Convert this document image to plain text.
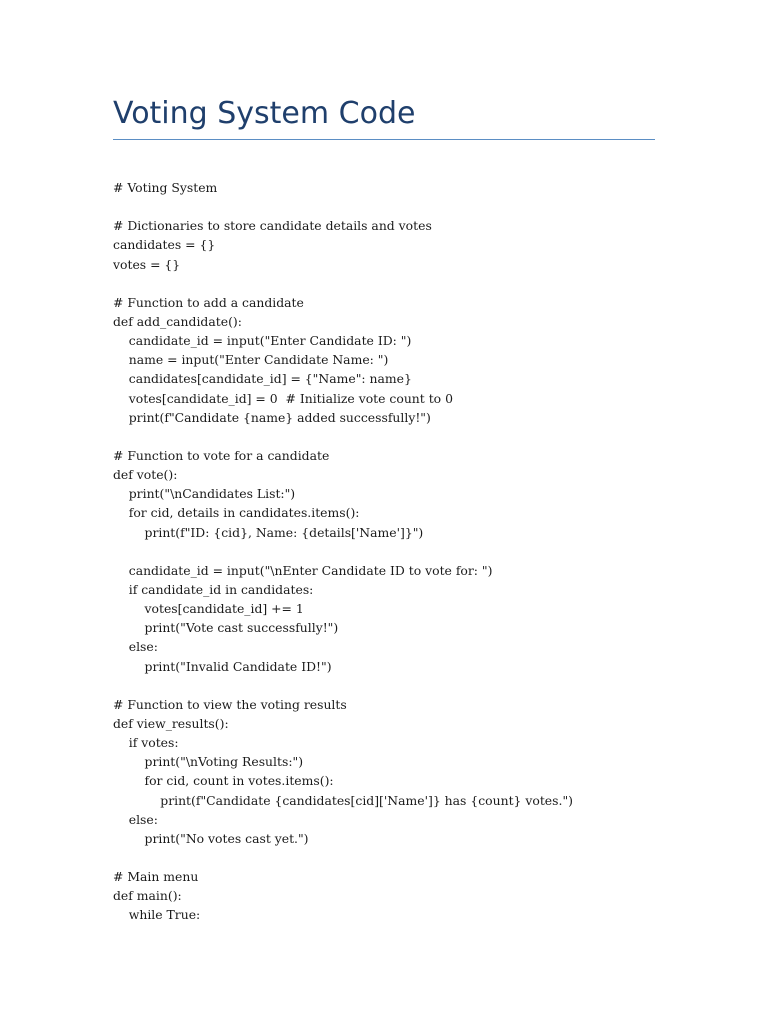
Voting System Code
# Voting System
# Dictionaries to store candidate details and votes
candidates = {}
votes = {}
# Function to add a candidate
def add_candidate():
candidate_id = input("Enter Candidate ID: ")
name = input("Enter Candidate Name: ")
candidates[candidate_id] = {"Name": name}
votes[candidate_id] = 0  # Initialize vote count to 0
print(f"Candidate {name} added successfully!")
# Function to vote for a candidate
def vote():
print("\nCandidates List:")
for cid, details in candidates.items():
print(f"ID: {cid}, Name: {details['Name']}")
candidate_id = input("\nEnter Candidate ID to vote for: ")
if candidate_id in candidates:
votes[candidate_id] += 1
print("Vote cast successfully!")
else:
print("Invalid Candidate ID!")
# Function to view the voting results
def view_results():
if votes:
print("\nVoting Results:")
for cid, count in votes.items():
print(f"Candidate {candidates[cid]['Name']} has {count} votes.")
else:
print("No votes cast yet.")
# Main menu
def main():
while True:
